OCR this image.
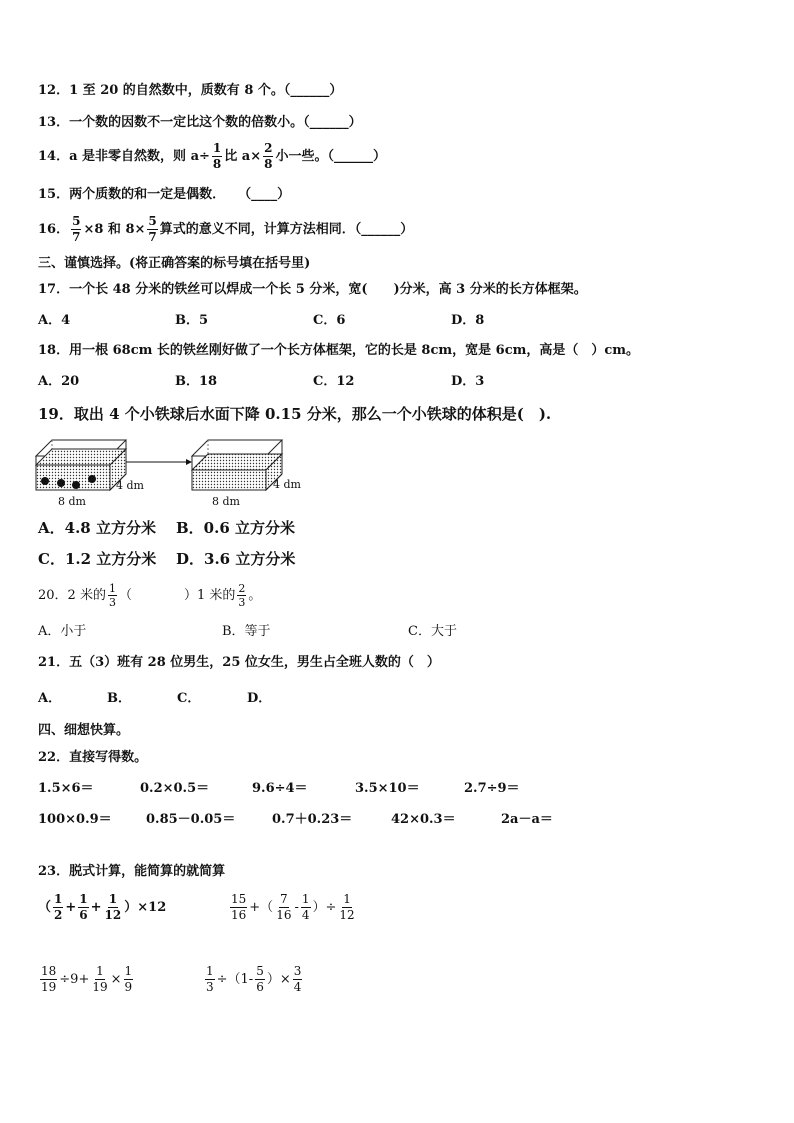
12．1 至 20 的自然数中，质数有 8 个。（______）
13．一个数的因数不一定比这个数的倍数小。（______）
14．a 是非零自然数，则 $a\div \frac{1}{8}$ 比 $a\times \frac{2}{8}$ 小一些。（______）
15．两个质数的和一定是偶数．　　（____）
16． $\frac{5}{7} \times 8$ 和 $8\times \frac{5}{7}$ 算式的意义不同，计算方法相同．（______）
三、谨慎选择。(将正确答案的标号填在括号里)
17．一个长 48 分米的铁丝可以焊成一个长 5 分米，宽(　　)分米，高 3 分米的长方体框架。
A．4	B．5	C．6	D．8
18．用一根 68cm 长的铁丝刚好做了一个长方体框架，它的长是 8cm，宽是 6cm，高是（　）cm。
A．20	B．18	C．12	D．3
19．取出 4 个小铁球后水面下降 0.15 分米，那么一个小铁球的体积是(　).
8 dm
4 dm
8 dm
4 dm
A．4.8 立方分米 B．0.6 立方分米
C．1.2 立方分米 D．3.6 立方分米
20．2 米的 $\frac{1}{3}$ （　　　　）1 米的 $\frac{2}{3}$ 。
A．小于	B．等于	C．大于
21．五（3）班有 28 位男生，25 位女生，男生占全班人数的（　）
A．	B．	C．	D．
四、细想快算。
22．直接写得数。
1.5×6＝	0.2×0.5＝	9.6÷4＝	3.5×10＝	2.7÷9＝
100×0.9＝	0.85－0.05＝	0.7＋0.23＝	42×0.3＝	2a－a＝
23．脱式计算，能简算的就简算
（ $\frac{1}{2} + \frac{1}{6} + \frac{1}{12} )\times 12$	$\frac{15}{16}$ +（ $\frac{7}{16} - \frac{1}{4}$ ）÷ $\frac{1}{12}$
$\frac{18}{19} \div 9+ \frac{1}{19} \times \frac{1}{9}$	$\frac{1}{3} \div(1- \frac{5}{6}$ ）× $\frac{3}{4}$
